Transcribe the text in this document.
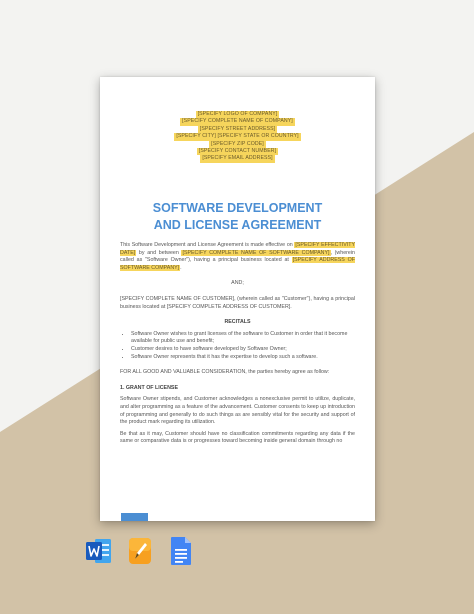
[SPECIFY LOGO OF COMPANY]
[SPECIFY COMPLETE NAME OF COMPANY]
[SPECIFY STREET ADDRESS]
[SPECIFY CITY] [SPECIFY STATE OR COUNTRY]
[SPECIFY ZIP CODE]
[SPECIFY CONTACT NUMBER]
[SPECIFY EMAIL ADDRESS]
SOFTWARE DEVELOPMENT
AND LICENSE AGREEMENT

This Software Development and License Agreement is made effective on [SPECIFY EFFECTIVITY DATE] by and between [SPECIFY COMPLETE NAME OF SOFTWARE COMPANY], (wherein called as "Software Owner"), having a principal business located at [SPECIFY ADDRESS OF SOFTWARE COMPANY].

AND;

[SPECIFY COMPLETE NAME OF CUSTOMER], (wherein called as "Customer"), having a principal business located at [SPECIFY COMPLETE ADDRESS OF CUSTOMER].

RECITALS

• Software Owner wishes to grant licenses of the software to Customer in order that it become available for public use and benefit;
• Customer desires to have software developed by Software Owner;
• Software Owner represents that it has the expertise to develop such a software.

FOR ALL GOOD AND VALUABLE CONSIDERATION, the parties hereby agree as follow:

1. GRANT OF LICENSE

Software Owner stipends, and Customer acknowledges a nonexclusive permit to utilize, duplicate, and alter programming as a feature of the advancement. Customer consents to keep up introduction of programming and generally to do such things as are sensibly vital for the security and support of the product mark regarding its utilization.

Be that as it may, Customer should have no classification commitments regarding any data if the same or comparative data is or progresses toward becoming inside general domain through no
